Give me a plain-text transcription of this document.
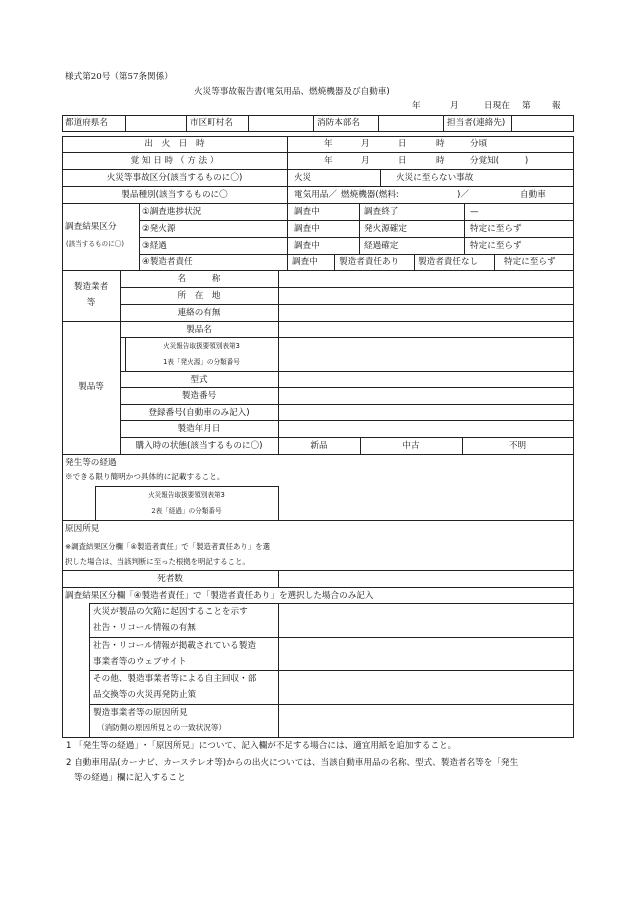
様式第20号（第57条関係）
火災等事故報告書(電気用品、燃焼機器及び自動車)
年	月	日現在 第 報
都道府県名	市区町村名	消防本部名	担当者(連絡先)
出　火　日　時	年	月	日	時	分頃
覚 知 日 時 （ 方 法 ）	年	月	日	時	分覚知(　　　)
火災等事故区分(該当するものに〇)	火災	火災に至らない事故
製品種別(該当するものに〇	電気用品／ 燃焼機器(燃料:	)／	自動車
調査結果区分
(該当するものに〇)
①調査進捗状況	調査中	調査終了	—
②発火源	調査中	発火源確定	特定に至らず
③経過	調査中	経過確定	特定に至らず
④製造者責任	調査中 製造者責任あり 製造者責任なし	特定に至らず
製造業者
等
名　　　称
所　在　地
連絡の有無
製品等
製品名
火災報告取扱要領別表第3
1表「発火源」の分類番号
型式
製造番号
登録番号(自動車のみ記入)
製造年月日
購入時の状態(該当するものに〇)	新品	中古	不明
発生等の経過
※できる限り簡明かつ具体的に記載すること。
火災報告取扱要領別表第3
2表「経過」の分類番号
原因所見
※調査結果区分欄「④製造者責任」で「製造者責任あり」を選
択した場合は、当該判断に至った根拠を明記すること。
死者数
調査結果区分欄「④製造者責任」で「製造者責任あり」を選択した場合のみ記入
火災が製品の欠陥に起因することを示す
社告・リコール情報の有無
社告・リコール情報が掲載されている製造
事業者等のウェブサイト
その他、製造事業者等による自主回収・部
品交換等の火災再発防止策
製造事業者等の原因所見
（消防側の原因所見との一致状況等）
1 「発生等の経過」･「原因所見」について、記入欄が不足する場合には、適宜用紙を追加すること。
2 自動車用品(カーナビ、カーステレオ等)からの出火については、当該自動車用品の名称、型式、製造者名等を「発生
等の経過」欄に記入すること
